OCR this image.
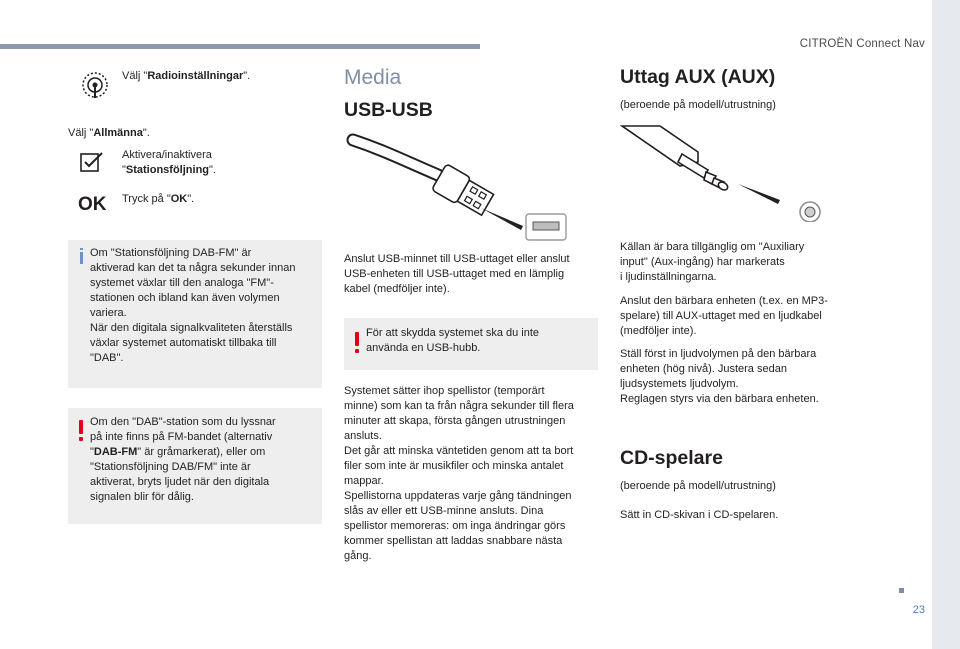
CITROËN Connect Nav
23
Välj "Radioinställningar".
Välj "Allmänna".
Aktivera/inaktivera
"Stationsföljning".
OK Tryck på "OK".
Om "Stationsföljning DAB-FM" är
aktiverad kan det ta några sekunder innan
systemet växlar till den analoga "FM"-
stationen och ibland kan även volymen
variera.
När den digitala signalkvaliteten återställs
växlar systemet automatiskt tillbaka till
"DAB".
Om den "DAB"-station som du lyssnar
på inte finns på FM-bandet (alternativ
"DAB-FM" är gråmarkerat), eller om
"Stationsföljning DAB/FM" inte är
aktiverat, bryts ljudet när den digitala
signalen blir för dålig.
Media
USB-USB
Anslut USB-minnet till USB-uttaget eller anslut
USB-enheten till USB-uttaget med en lämplig
kabel (medföljer inte).
För att skydda systemet ska du inte
använda en USB-hubb.
Systemet sätter ihop spellistor (temporärt
minne) som kan ta från några sekunder till flera
minuter att skapa, första gången utrustningen
ansluts.
Det går att minska väntetiden genom att ta bort
filer som inte är musikfiler och minska antalet
mappar.
Spellistorna uppdateras varje gång tändningen
slås av eller ett USB-minne ansluts. Dina
spellistor memoreras: om inga ändringar görs
kommer spellistan att laddas snabbare nästa
gång.
Uttag AUX (AUX)
(beroende på modell/utrustning)
Källan är bara tillgänglig om "Auxiliary
input" (Aux-ingång) har markerats
i ljudinställningarna.
Anslut den bärbara enheten (t.ex. en MP3-
spelare) till AUX-uttaget med en ljudkabel
(medföljer inte).
Ställ först in ljudvolymen på den bärbara
enheten (hög nivå). Justera sedan
ljudsystemets ljudvolym.
Reglagen styrs via den bärbara enheten.
CD-spelare
(beroende på modell/utrustning)
Sätt in CD-skivan i CD-spelaren.
